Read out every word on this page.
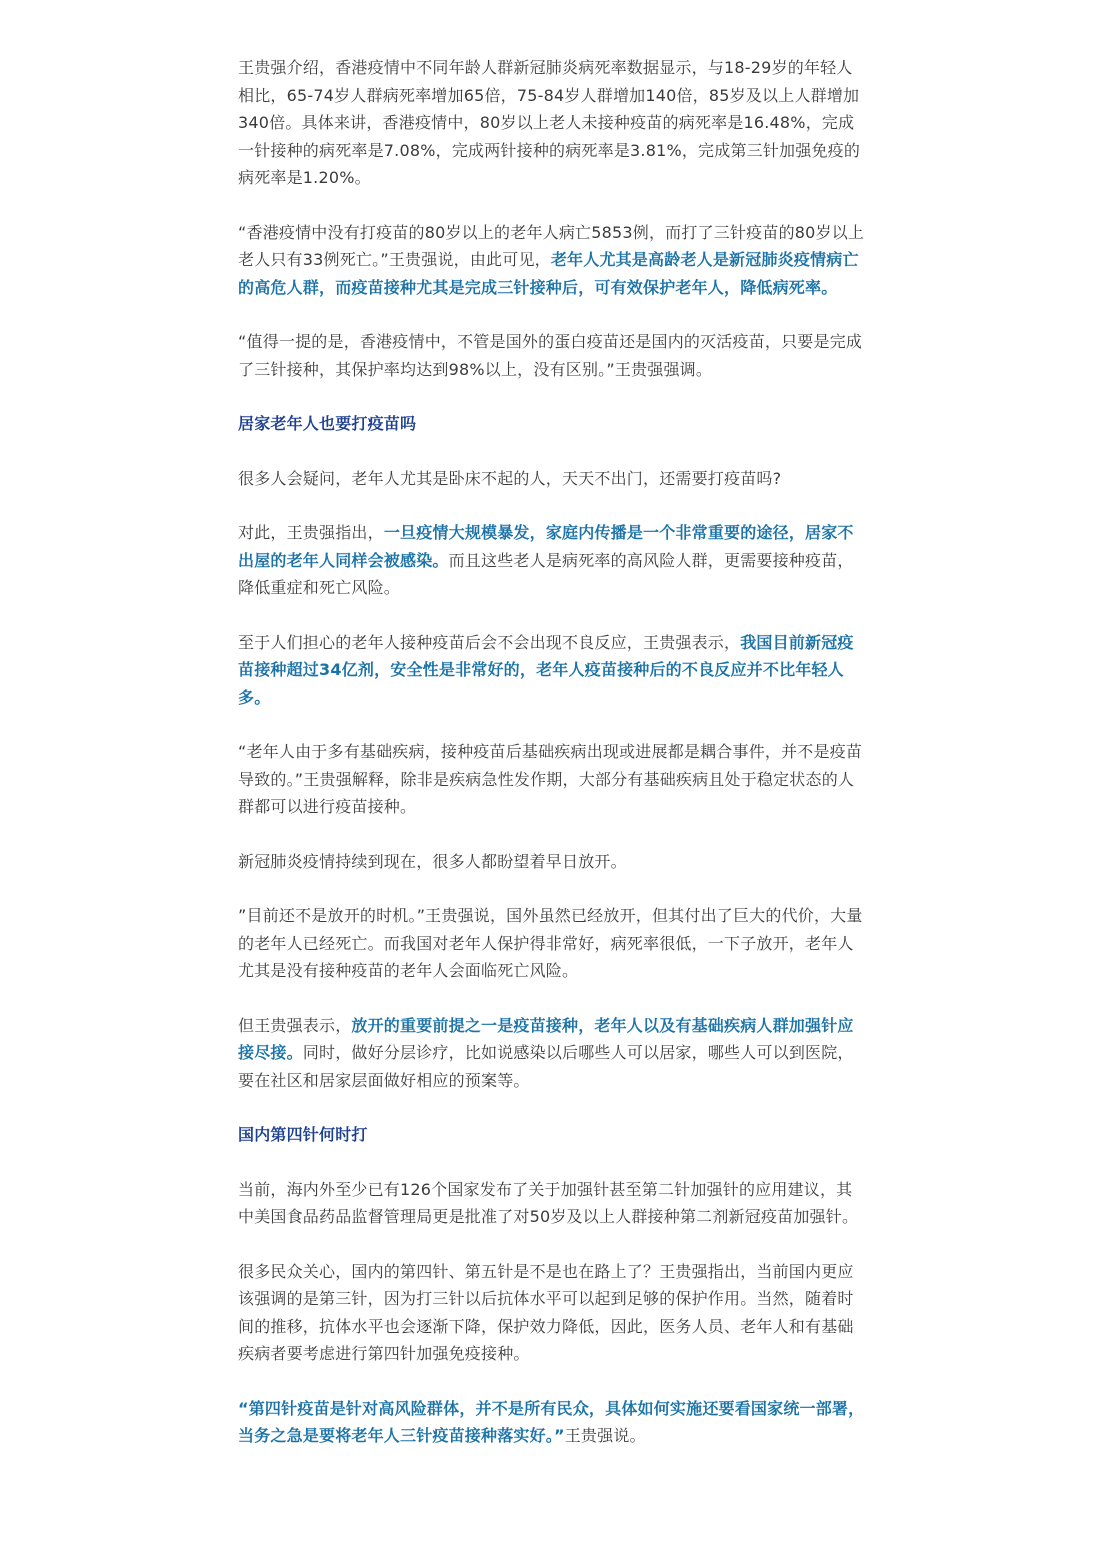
王贵强介绍，香港疫情中不同年龄人群新冠肺炎病死率数据显示，与18-29岁的年轻人相比，65-74岁人群病死率增加65倍，75-84岁人群增加140倍，85岁及以上人群增加340倍。具体来讲，香港疫情中，80岁以上老人未接种疫苗的病死率是16.48%，完成一针接种的病死率是7.08%，完成两针接种的病死率是3.81%，完成第三针加强免疫的病死率是1.20%。

“香港疫情中没有打疫苗的80岁以上的老年人病亡5853例，而打了三针疫苗的80岁以上老人只有33例死亡。”王贵强说，由此可见，老年人尤其是高龄老人是新冠肺炎疫情病亡的高危人群，而疫苗接种尤其是完成三针接种后，可有效保护老年人，降低病死率。

“值得一提的是，香港疫情中，不管是国外的蛋白疫苗还是国内的灭活疫苗，只要是完成了三针接种，其保护率均达到98%以上，没有区别。”王贵强强调。

居家老年人也要打疫苗吗

很多人会疑问，老年人尤其是卧床不起的人，天天不出门，还需要打疫苗吗?

对此，王贵强指出，一旦疫情大规模暴发，家庭内传播是一个非常重要的途径，居家不出屋的老年人同样会被感染。而且这些老人是病死率的高风险人群，更需要接种疫苗，降低重症和死亡风险。

至于人们担心的老年人接种疫苗后会不会出现不良反应，王贵强表示，我国目前新冠疫苗接种超过34亿剂，安全性是非常好的，老年人疫苗接种后的不良反应并不比年轻人多。

“老年人由于多有基础疾病，接种疫苗后基础疾病出现或进展都是耦合事件，并不是疫苗导致的。”王贵强解释，除非是疾病急性发作期，大部分有基础疾病且处于稳定状态的人群都可以进行疫苗接种。

新冠肺炎疫情持续到现在，很多人都盼望着早日放开。

”目前还不是放开的时机。”王贵强说，国外虽然已经放开，但其付出了巨大的代价，大量的老年人已经死亡。而我国对老年人保护得非常好，病死率很低，一下子放开，老年人尤其是没有接种疫苗的老年人会面临死亡风险。

但王贵强表示，放开的重要前提之一是疫苗接种，老年人以及有基础疾病人群加强针应接尽接。同时，做好分层诊疗，比如说感染以后哪些人可以居家，哪些人可以到医院，要在社区和居家层面做好相应的预案等。

国内第四针何时打

当前，海内外至少已有126个国家发布了关于加强针甚至第二针加强针的应用建议，其中美国食品药品监督管理局更是批准了对50岁及以上人群接种第二剂新冠疫苗加强针。

很多民众关心，国内的第四针、第五针是不是也在路上了？王贵强指出，当前国内更应该强调的是第三针，因为打三针以后抗体水平可以起到足够的保护作用。当然，随着时间的推移，抗体水平也会逐渐下降，保护效力降低，因此，医务人员、老年人和有基础疾病者要考虑进行第四针加强免疫接种。

“第四针疫苗是针对高风险群体，并不是所有民众，具体如何实施还要看国家统一部署，当务之急是要将老年人三针疫苗接种落实好。”王贵强说。
